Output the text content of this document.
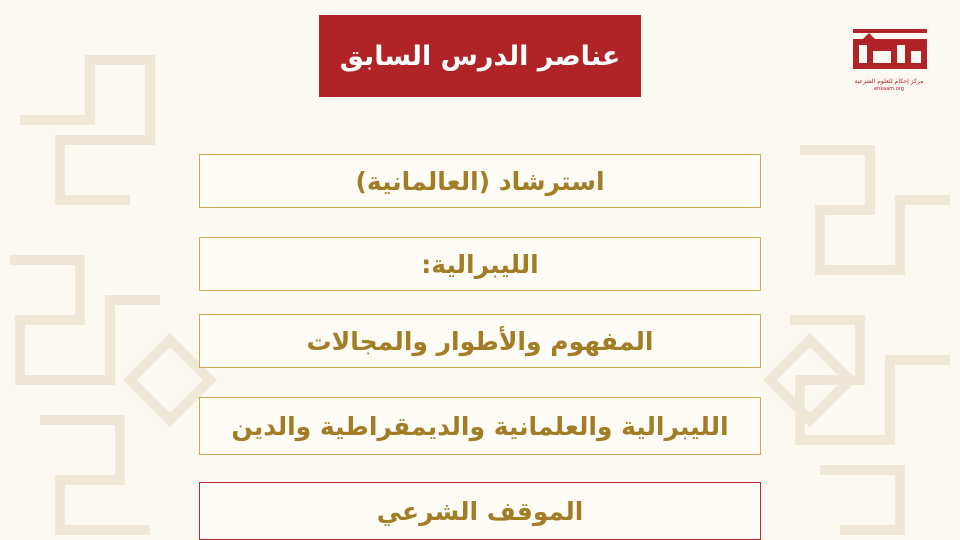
عناصر الدرس السابق
مركز إحكام للعلوم الشرعية
ehkaam.org
استرشاد (العالمانية)
الليبرالية:
المفهوم والأطوار والمجالات
الليبرالية والعلمانية والديمقراطية والدين
الموقف الشرعي
